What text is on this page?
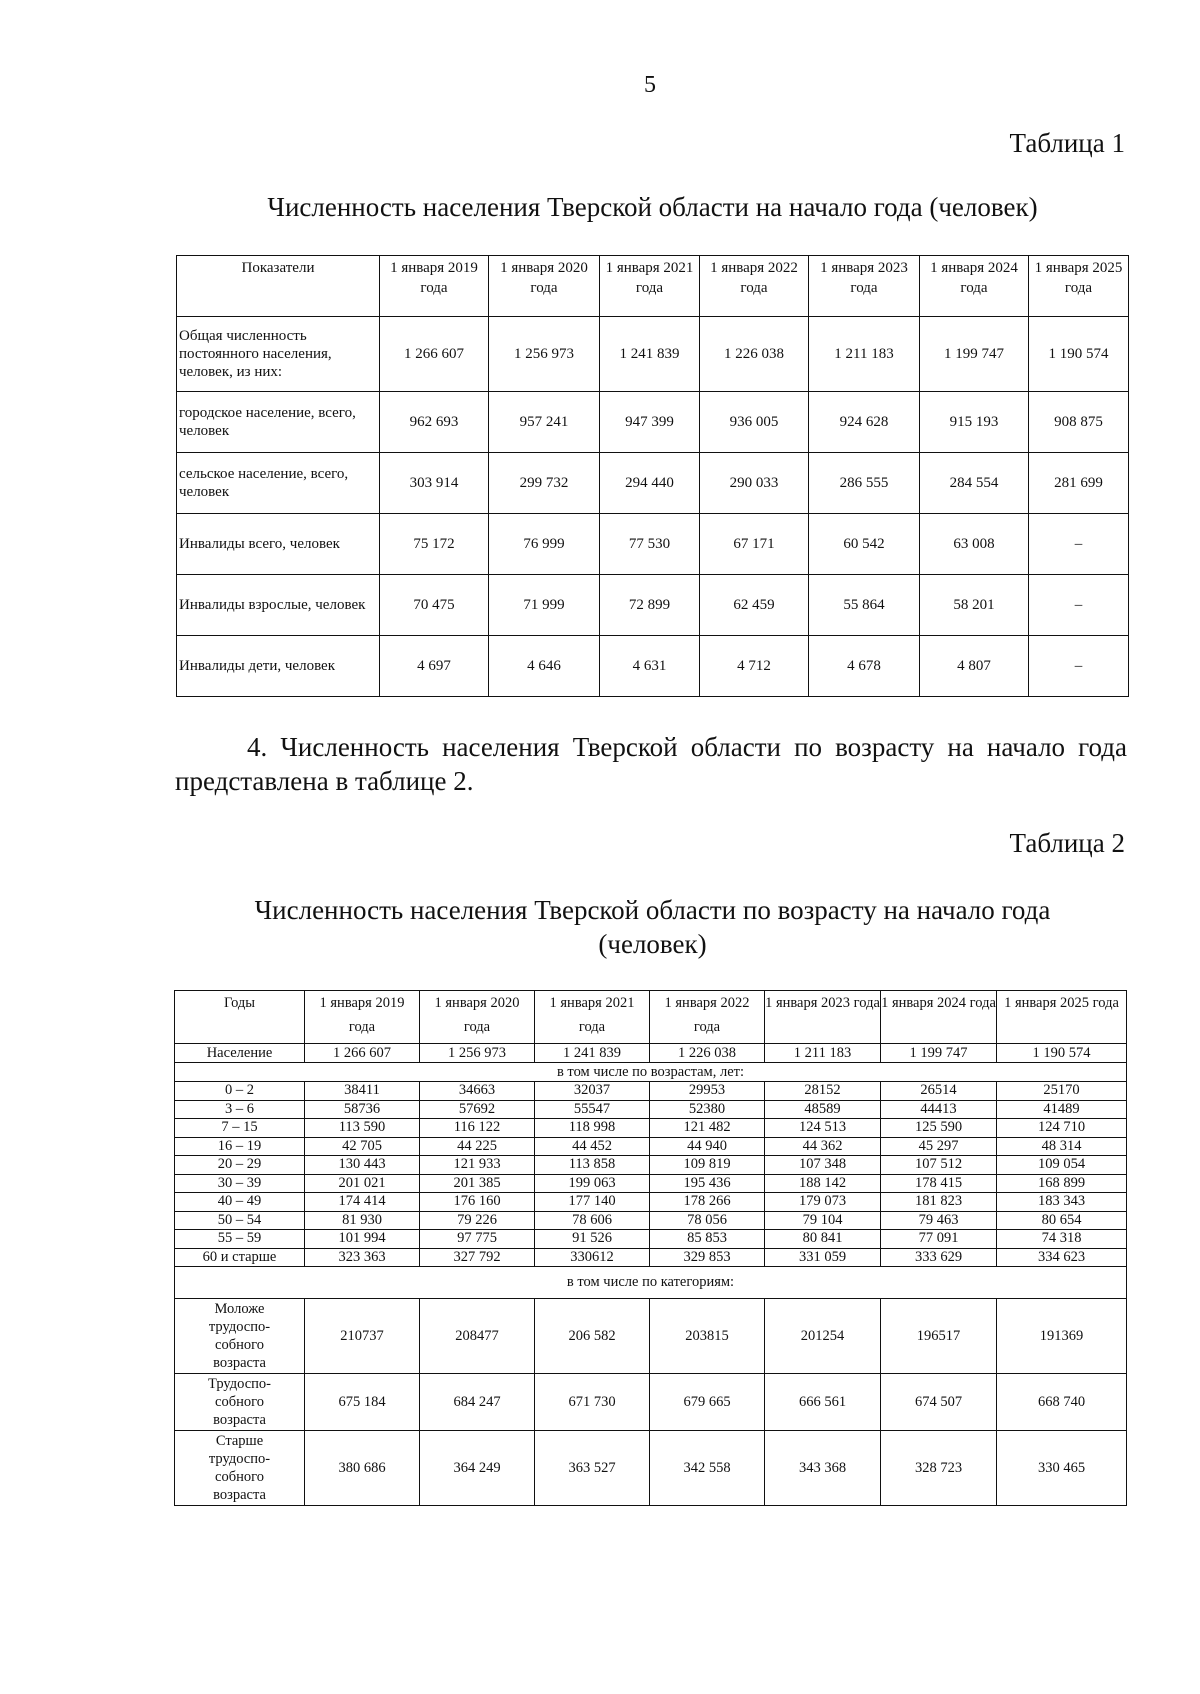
5
Таблица 1
Численность населения Тверской области на начало года (человек)
Показатели	1 января 2019 года	1 января 2020 года	1 января 2021 года	1 января 2022 года	1 января 2023 года	1 января 2024 года	1 января 2025 года
Общая численность постоянного населения, человек, из них:	1 266 607	1 256 973	1 241 839	1 226 038	1 211 183	1 199 747	1 190 574
городское население, всего, человек	962 693	957 241	947 399	936 005	924 628	915 193	908 875
сельское население, всего, человек	303 914	299 732	294 440	290 033	286 555	284 554	281 699
Инвалиды всего, человек	75 172	76 999	77 530	67 171	60 542	63 008	–
Инвалиды взрослые, человек	70 475	71 999	72 899	62 459	55 864	58 201	–
Инвалиды дети, человек	4 697	4 646	4 631	4 712	4 678	4 807	–
4. Численность населения Тверской области по возрасту на начало года представлена в таблице 2.
Таблица 2
Численность населения Тверской области по возрасту на начало года
(человек)
Годы	1 января 2019 года	1 января 2020 года	1 января 2021 года	1 января 2022 года	1 января 2023 года	1 января 2024 года	1 января 2025 года
Население	1 266 607	1 256 973	1 241 839	1 226 038	1 211 183	1 199 747	1 190 574
в том числе по возрастам, лет:							
0 – 2	38411	34663	32037	29953	28152	26514	25170
3 – 6	58736	57692	55547	52380	48589	44413	41489
7 – 15	113 590	116 122	118 998	121 482	124 513	125 590	124 710
16 – 19	42 705	44 225	44 452	44 940	44 362	45 297	48 314
20 – 29	130 443	121 933	113 858	109 819	107 348	107 512	109 054
30 – 39	201 021	201 385	199 063	195 436	188 142	178 415	168 899
40 – 49	174 414	176 160	177 140	178 266	179 073	181 823	183 343
50 – 54	81 930	79 226	78 606	78 056	79 104	79 463	80 654
55 – 59	101 994	97 775	91 526	85 853	80 841	77 091	74 318
60 и старше	323 363	327 792	330612	329 853	331 059	333 629	334 623
в том числе по категориям:							

Моложе
трудоспо-
собного
возраста	210737	208477	206 582	203815	201254	196517	191369

Трудоспо-
собного
возраста	675 184	684 247	671 730	679 665	666 561	674 507	668 740

Старше
трудоспо-
собного
возраста	380 686	364 249	363 527	342 558	343 368	328 723	330 465
